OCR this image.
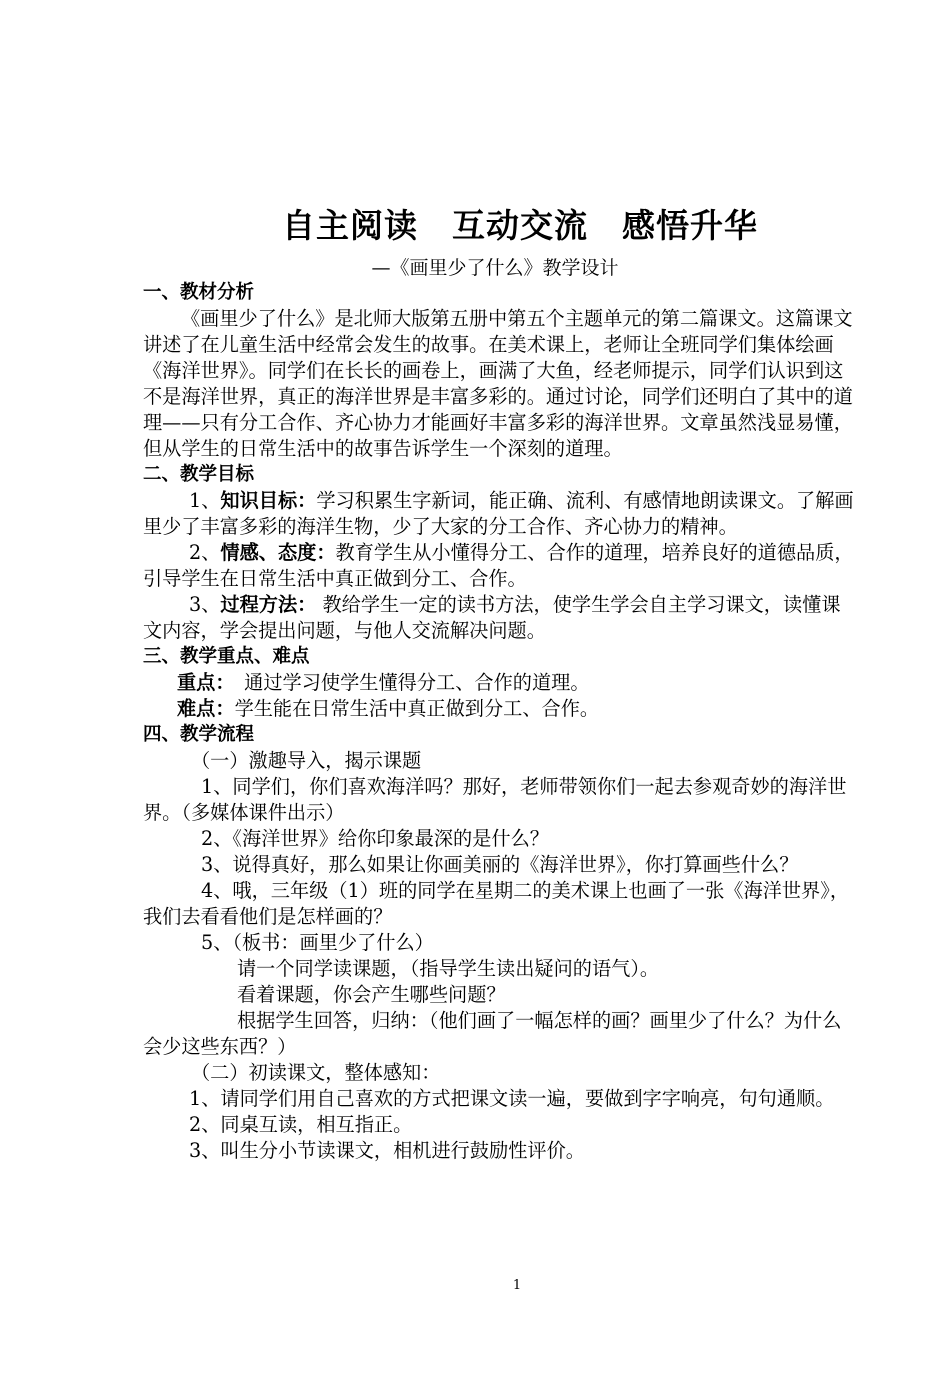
自主阅读　互动交流　感悟升华
—《画里少了什么》教学设计

一、教材分析

《画里少了什么》是北师大版第五册中第五个主题单元的第二篇课文。这篇课文讲述了在儿童生活中经常会发生的故事。在美术课上，老师让全班同学们集体绘画《海洋世界》。同学们在长长的画卷上，画满了大鱼，经老师提示，同学们认识到这不是海洋世界，真正的海洋世界是丰富多彩的。通过讨论，同学们还明白了其中的道理——只有分工合作、齐心协力才能画好丰富多彩的海洋世界。文章虽然浅显易懂，但从学生的日常生活中的故事告诉学生一个深刻的道理。

二、教学目标

1、知识目标：学习积累生字新词，能正确、流利、有感情地朗读课文。了解画里少了丰富多彩的海洋生物，少了大家的分工合作、齐心协力的精神。

2、情感、态度：教育学生从小懂得分工、合作的道理，培养良好的道德品质，引导学生在日常生活中真正做到分工、合作。

3、过程方法： 教给学生一定的读书方法，使学生学会自主学习课文，读懂课文内容，学会提出问题，与他人交流解决问题。

三、教学重点、难点

重点：　通过学习使学生懂得分工、合作的道理。

难点：学生能在日常生活中真正做到分工、合作。

四、教学流程

（一）激趣导入，揭示课题

1、同学们，你们喜欢海洋吗？那好，老师带领你们一起去参观奇妙的海洋世界。（多媒体课件出示）

2、《海洋世界》给你印象最深的是什么？

3、说得真好，那么如果让你画美丽的《海洋世界》，你打算画些什么？

4、哦，三年级（1）班的同学在星期二的美术课上也画了一张《海洋世界》，我们去看看他们是怎样画的？

5、（板书：画里少了什么）

请一个同学读课题，（指导学生读出疑问的语气）。

看着课题，你会产生哪些问题？

根据学生回答，归纳：（他们画了一幅怎样的画？画里少了什么？为什么会少这些东西？）

（二）初读课文，整体感知：

1、请同学们用自己喜欢的方式把课文读一遍，要做到字字响亮，句句通顺。

2、同桌互读，相互指正。

3、叫生分小节读课文，相机进行鼓励性评价。

1
